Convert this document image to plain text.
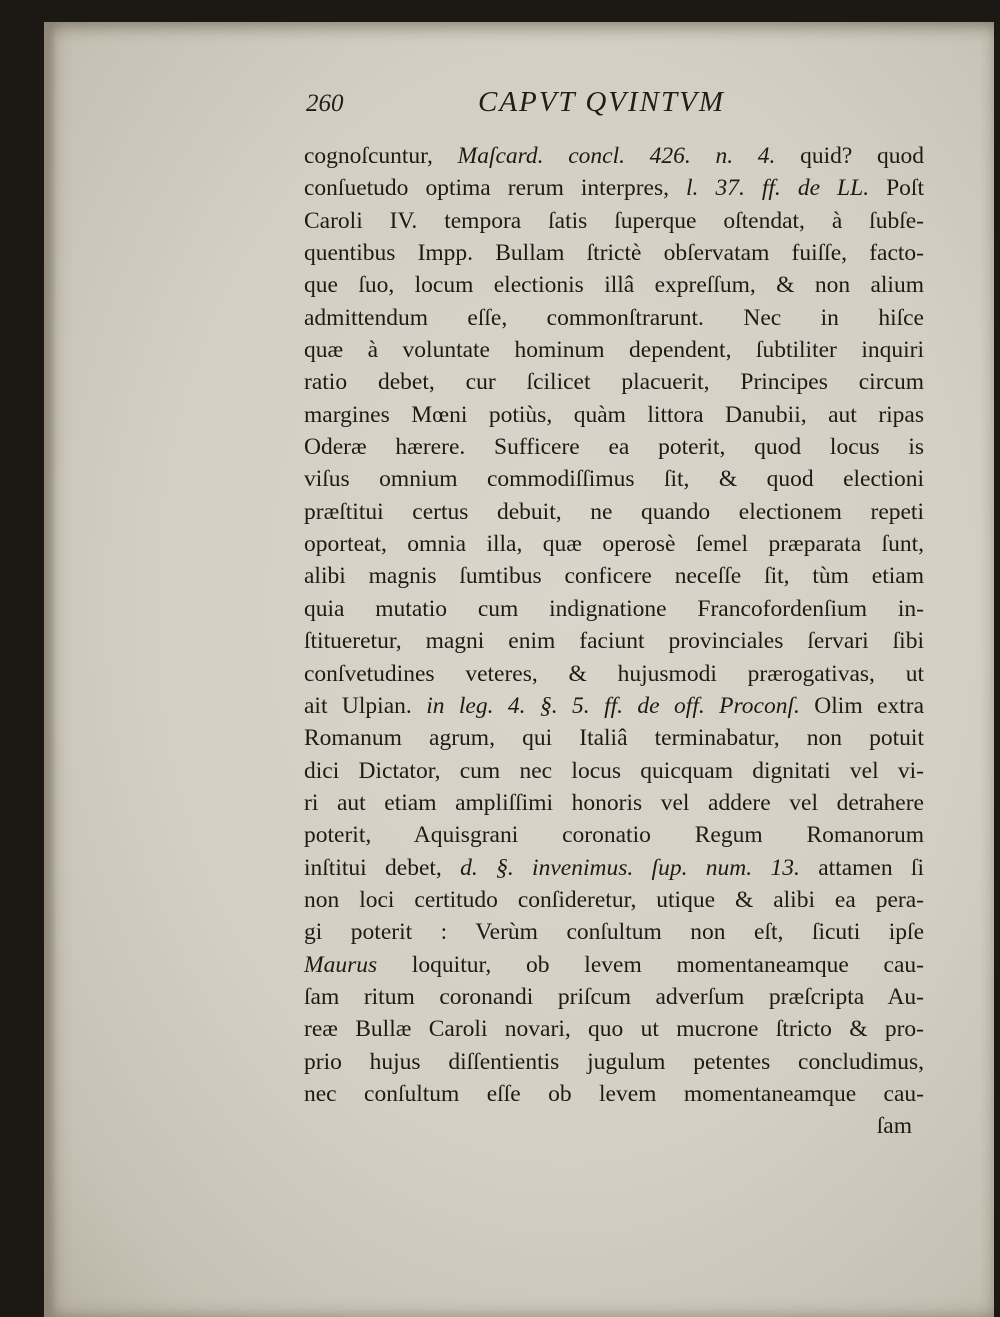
260	CAPVT QVINTVM
cognoſcuntur, Maſcard. concl. 426. n. 4. quid? quod
conſuetudo optima rerum interpres, l. 37. ff. de LL. Poſt
Caroli IV. tempora ſatis ſuperque oſtendat, à ſubſe-
quentibus Impp. Bullam ſtrictè obſervatam fuiſſe, facto-
que ſuo, locum electionis illâ expreſſum, & non alium
admittendum eſſe, commonſtrarunt. Nec in hiſce
quæ à voluntate hominum dependent, ſubtiliter inquiri
ratio debet, cur ſcilicet placuerit, Principes circum
margines Mœni potiùs, quàm littora Danubii, aut ripas
Oderæ hærere. Sufficere ea poterit, quod locus is
viſus omnium commodiſſimus ſit, & quod electioni
præſtitui certus debuit, ne quando electionem repeti
oporteat, omnia illa, quæ operosè ſemel præparata ſunt,
alibi magnis ſumtibus conficere neceſſe ſit, tùm etiam
quia mutatio cum indignatione Francofordenſium in-
ſtitueretur, magni enim faciunt provinciales ſervari ſibi
conſvetudines veteres, & hujusmodi prærogativas, ut
ait Ulpian. in leg. 4. §. 5. ff. de off. Proconſ. Olim extra
Romanum agrum, qui Italiâ terminabatur, non potuit
dici Dictator, cum nec locus quicquam dignitati vel vi-
ri aut etiam ampliſſimi honoris vel addere vel detrahere
poterit, Aquisgrani coronatio Regum Romanorum
inſtitui debet, d. §. invenimus. ſup. num. 13. attamen ſi
non loci certitudo conſideretur, utique & alibi ea pera-
gi poterit : Verùm conſultum non eſt, ſicuti ipſe
Maurus loquitur, ob levem momentaneamque cau-
ſam ritum coronandi priſcum adverſum præſcripta Au-
reæ Bullæ Caroli novari, quo ut mucrone ſtricto & pro-
prio hujus diſſentientis jugulum petentes concludimus,
nec conſultum eſſe ob levem momentaneamque cau-
ſam
